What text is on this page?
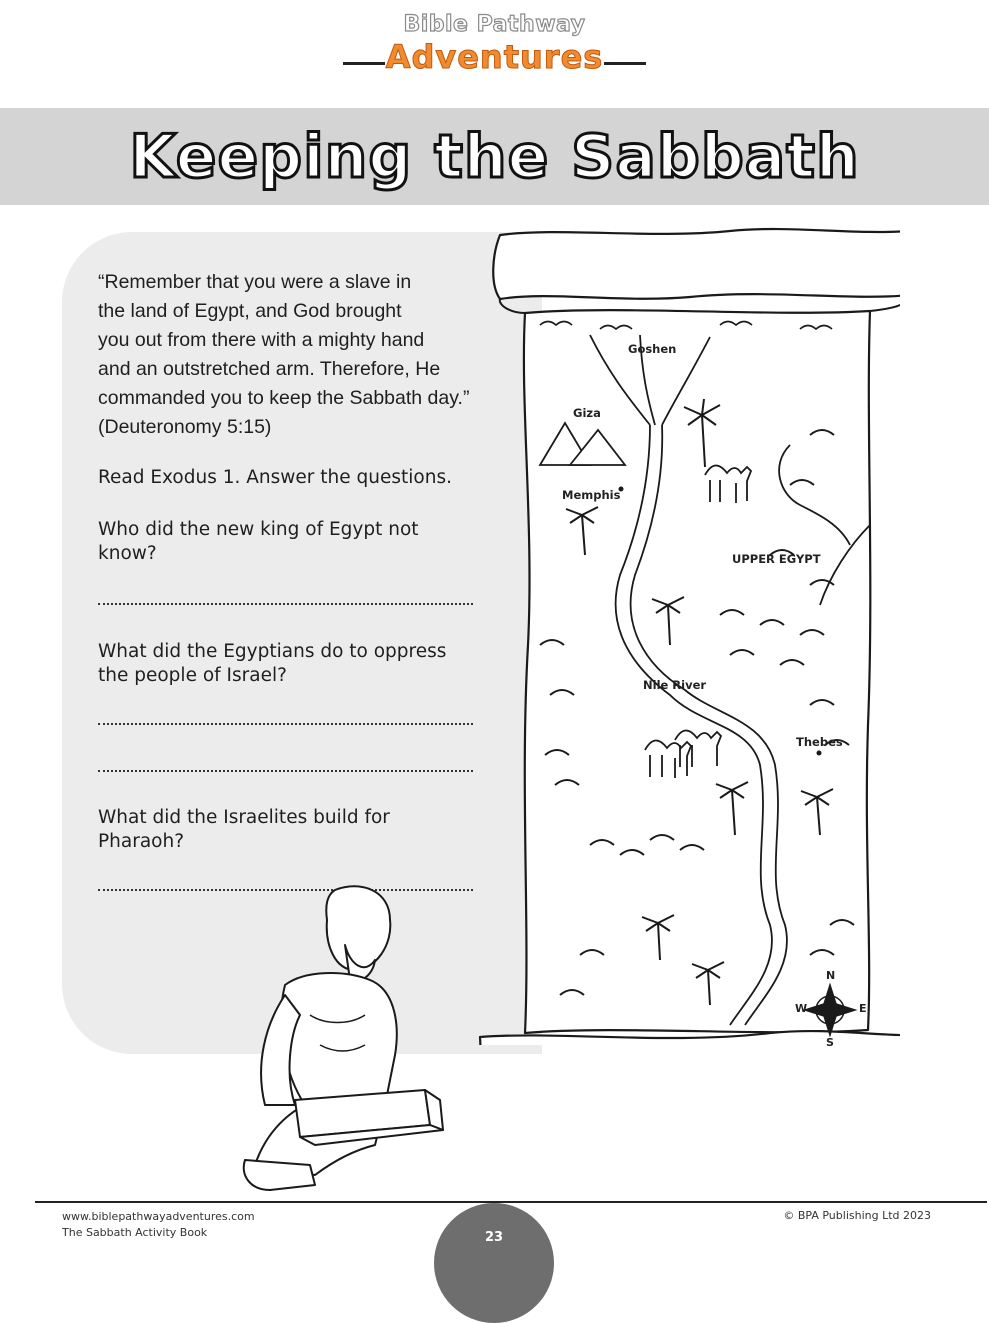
Bible Pathway
Adventures
Keeping the Sabbath
“Remember that you were a slave in
the land of Egypt, and God brought
you out from there with a mighty hand
and an outstretched arm. Therefore, He
commanded you to keep the Sabbath day.”
(Deuteronomy 5:15)
Read Exodus 1. Answer the questions.
Who did the new king of Egypt not
know?
What did the Egyptians do to oppress
the people of Israel?
What did the Israelites build for
Pharaoh?
Goshen
Giza
Memphis
UPPER EGYPT
Nile River
Thebes
N
W	E
S
www.biblepathwayadventures.com
The Sabbath Activity Book
© BPA Publishing Ltd 2023
23
